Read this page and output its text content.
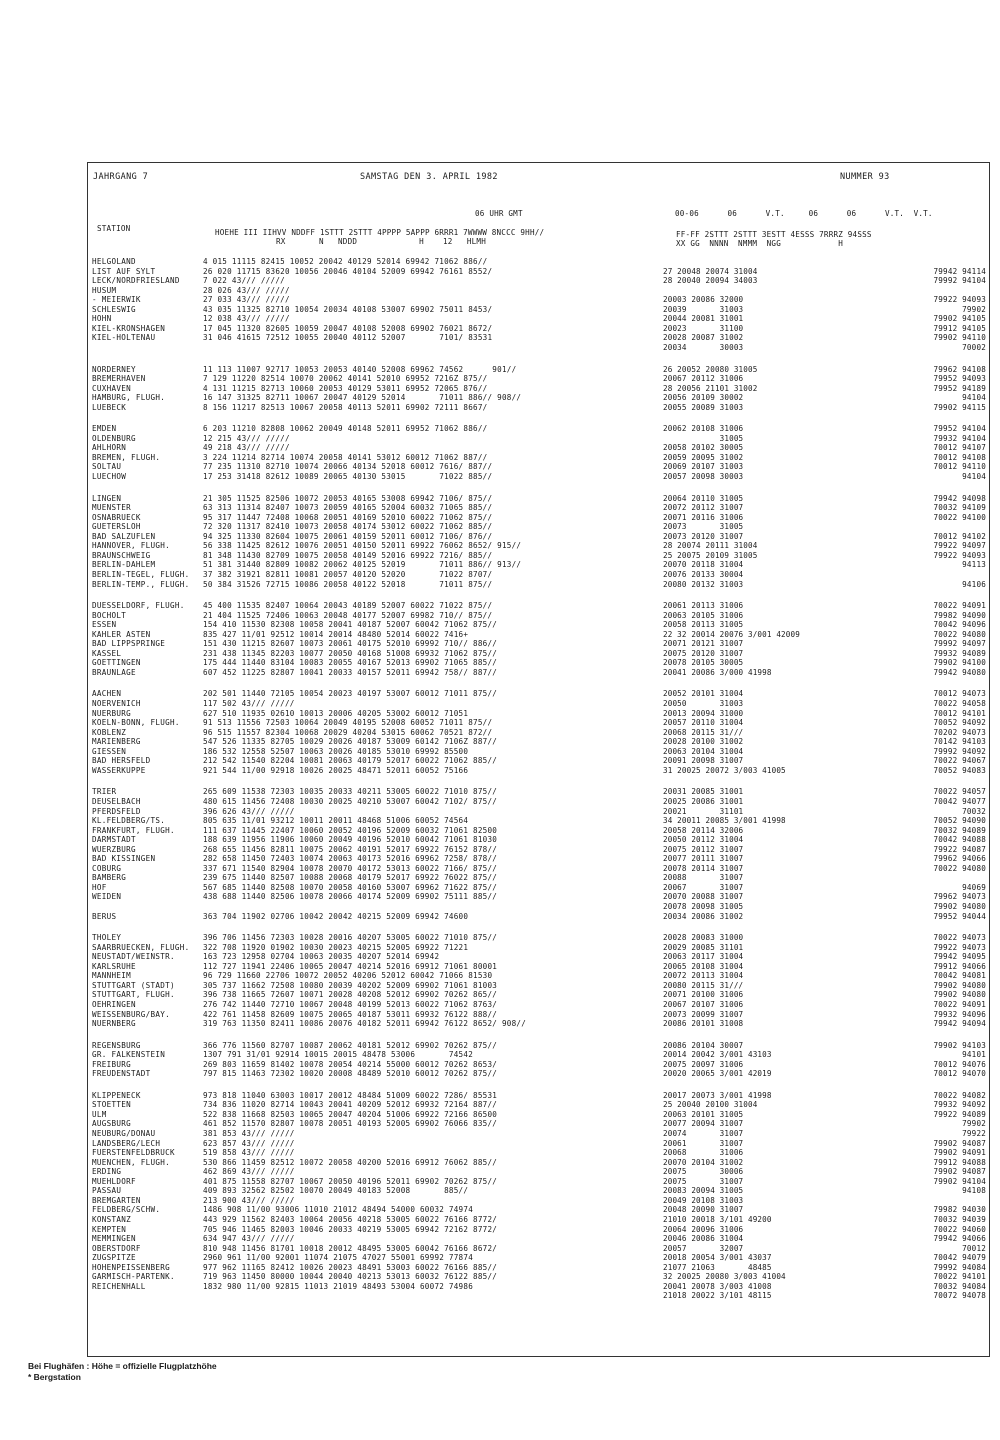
JAHRGANG 7	SAMSTAG DEN 3. APRIL 1982	NUMMER 93
06 UHR GMT	00-06      06      V.T.     06      06      V.T.  V.T.
STATION	HOEHE III IIHVV NDDFF 1STTT 2STTT 4PPPP 5APPP 6RRR1 7WWWW 8NCCC 9HH//
RX       N   NDDD             H    12   HLMH
FF-FF 2STTT 2STTT 3ESTT 4ESSS 7RRRZ 94SSS
XX GG  NNNN  NMMM  NGG            H
HELGOLAND	4 015 11115 82415 10052 20042 40129 52014 69942 71062 886//
LIST AUF SYLT	26 020 11715 83620 10056 20046 40104 52009 69942 76161 8552/	27 20048 20074 31004	79942 94114
LECK/NORDFRIESLAND	7 022 43/// /////	28 20040 20094 34003	79992 94104
HUSUM	28 026 43/// /////
- MEIERWIK	27 033 43/// /////	20003 20086 32000	79922 94093
SCHLESWIG	43 035 11325 82710 10054 20034 40108 53007 69902 75011 8453/	20039       31003	79902
HOHN	12 038 43/// /////	20044 20081 31001	79902 94105
KIEL-KRONSHAGEN	17 045 11320 82605 10059 20047 40108 52008 69902 76021 8672/	20023       31100	79912 94105
KIEL-HOLTENAU	31 046 41615 72512 10055 20040 40112 52007       7101/ 83531	20028 20087 31002	79902 94110
20034       30003	70002
NORDERNEY	11 113 11007 92717 10053 20053 40140 52008 69962 74562      901//	26 20052 20080 31005	79962 94108
BREMERHAVEN	7 129 11220 82514 10070 20062 40141 52010 69952 7216Z 875//	20067 20112 31006	79952 94093
CUXHAVEN	4 131 11215 82713 10060 20053 40129 53011 69952 72065 876//	28 20056 21101 31002	79952 94189
HAMBURG, FLUGH.	16 147 31325 82711 10067 20047 40129 52014       71011 886// 908//	20056 20109 30002	94104
LUEBECK	8 156 11217 82513 10067 20058 40113 52011 69902 72111 8667/	20055 20089 31003	79902 94115
EMDEN	6 203 11210 82808 10062 20049 40148 52011 69952 71062 886//	20062 20108 31006	79952 94104
OLDENBURG	12 215 43/// /////	31005	79932 94104
AHLHORN	49 218 43/// /////	20058 20102 30005	70012 94107
BREMEN, FLUGH.	3 224 11214 82714 10074 20058 40141 53012 60012 71062 887//	20059 20095 31002	70012 94108
SOLTAU	77 235 11310 82710 10074 20066 40134 52018 60012 7616/ 887//	20069 20107 31003	70012 94110
LUECHOW	17 253 31418 82612 10089 20065 40130 53015       71022 885//	20057 20098 30003	94104
LINGEN	21 305 11525 82506 10072 20053 40165 53008 69942 7106/ 875//	20064 20110 31005	79942 94098
MUENSTER	63 313 11314 82407 10073 20059 40165 52004 60032 71065 885//	20072 20112 31007	70032 94109
OSNABRUECK	95 317 11447 72408 10068 20051 40169 52010 60022 71062 875//	20071 20116 31006	70022 94100
GUETERSLOH	72 320 11317 82410 10073 20058 40174 53012 60022 71062 885//	20073       31005
BAD SALZUFLEN	94 325 11330 82604 10075 20061 40159 52011 60012 7106/ 876//	20073 20120 31007	70012 94102
HANNOVER, FLUGH.	56 338 11425 82612 10076 20051 40150 52011 69922 76062 8652/ 915//	28 20074 20111 31004	79922 94097
BRAUNSCHWEIG	81 348 11430 82709 10075 20058 40149 52016 69922 7216/ 885//	25 20075 20109 31005	79922 94093
BERLIN-DAHLEM	51 381 31440 82809 10082 20062 40125 52019       71011 886// 913//	20070 20118 31004	94113
BERLIN-TEGEL, FLUGH.	37 382 31921 82811 10081 20057 40120 52020       71022 8707/	20076 20133 30004
BERLIN-TEMP., FLUGH.	50 384 31526 72715 10086 20058 40122 52018       71011 875//	20080 20132 31003	94106
DUESSELDORF, FLUGH.	45 400 11535 82407 10064 20043 40189 52007 60022 71022 875//	20061 20113 31006	70022 94091
BOCHOLT	21 404 11525 72406 10063 20048 40177 52007 69982 710// 875//	20063 20105 31006	79982 94090
ESSEN	154 410 11530 82308 10058 20041 40187 52007 60042 71062 875//	20058 20113 31005	70042 94096
KAHLER ASTEN	835 427 11/01 92512 10014 20014 48480 52014 60022 7416+	22 32 20014 20076 3/001 42009	70022 94080
BAD LIPPSPRINGE	151 430 11215 82607 10073 20061 40175 52010 69992 710// 886//	20071 20121 31007	79992 94097
KASSEL	231 438 11345 82203 10077 20050 40168 51008 69932 71062 875//	20075 20120 31007	79932 94089
GOETTINGEN	175 444 11440 83104 10083 20055 40167 52013 69902 71065 885//	20078 20105 30005	79902 94100
BRAUNLAGE	607 452 11225 82807 10041 20033 40157 52011 69942 758// 887//	20041 20086 3/000 41998	79942 94080
AACHEN	202 501 11440 72105 10054 20023 40197 53007 60012 71011 875//	20052 20101 31004	70012 94073
NOERVENICH	117 502 43/// /////	20050       31003	70022 94058
NUERBURG	627 510 11935 02610 10013 20006 40205 53002 60012 71051	20013 20094 31000	70012 94101
KOELN-BONN, FLUGH.	91 513 11556 72503 10064 20049 40195 52008 60052 71011 875//	20057 20110 31004	70052 94092
KOBLENZ	96 515 11557 82304 10068 20029 40204 53015 60062 70521 872//	20068 20115 31///	70202 94073
MARIENBERG	547 526 11335 82705 10029 20026 40187 53009 60142 7106Z 887//	20028 20100 31002	70142 94103
GIESSEN	186 532 12558 52507 10063 20026 40185 53010 69992 85500	20063 20104 31004	79992 94092
BAD HERSFELD	212 542 11540 82204 10081 20063 40179 52017 60022 71062 885//	20091 20098 31007	70022 94067
WASSERKUPPE	921 544 11/00 92918 10026 20025 48471 52011 60052 75166	31 20025 20072 3/003 41005	70052 94083
TRIER	265 609 11538 72303 10035 20033 40211 53005 60022 71010 875//	20031 20085 31001	70022 94057
DEUSELBACH	480 615 11456 72408 10030 20025 40210 53007 60042 7102/ 875//	20025 20086 31001	70042 94077
PFERDSFELD	396 626 43/// /////	20021       31101	70032
KL.FELDBERG/TS.	805 635 11/01 93212 10011 20011 48468 51006 60052 74564	34 20011 20085 3/001 41998	70052 94090
FRANKFURT, FLUGH.	111 637 11445 22407 10060 20052 40196 52009 60032 71061 82500	20058 20114 32006	70032 94089
DARMSTADT	188 639 11956 11906 10060 20049 40196 52010 60042 71061 81030	20050 20112 31004	70042 94088
WUERZBURG	268 655 11456 82811 10075 20062 40191 52017 69922 76152 878//	20075 20112 31007	79922 94087
BAD KISSINGEN	282 658 11450 72403 10074 20063 40173 52016 69962 7258/ 878//	20077 20111 31007	79962 94066
COBURG	337 671 11540 82904 10078 20070 40172 53013 60022 7166/ 875//	20078 20114 31007	70022 94080
BAMBERG	239 675 11440 82507 10088 20068 40179 52017 69922 76022 875//	20088       31007
HOF	567 685 11440 82508 10070 20058 40160 53007 69962 71622 875//	20067       31007	94069
WEIDEN	438 688 11440 82506 10078 20066 40174 52009 69902 75111 885//	20070 20088 31007	79962 94073
20078 20098 31005	79902 94080
BERUS	363 704 11902 02706 10042 20042 40215 52009 69942 74600	20034 20086 31002	79952 94044
THOLEY	396 706 11456 72303 10028 20016 40207 53005 60022 71010 875//	20028 20083 31000	70022 94073
SAARBRUECKEN, FLUGH.	322 708 11920 01902 10030 20023 40215 52005 69922 71221	20029 20085 31101	79922 94073
NEUSTADT/WEINSTR.	163 723 12958 02704 10063 20035 40207 52014 69942	20063 20117 31004	79942 94095
KARLSRUHE	112 727 11941 22406 10065 20047 40214 52016 69912 71061 80001	20065 20108 31004	79912 94066
MANNHEIM	96 729 11660 22706 10072 20052 40206 52012 60042 71066 81530	20072 20113 31004	70042 94081
STUTTGART (STADT)	305 737 11662 72508 10080 20039 40202 52009 69902 71061 81003	20080 20115 31///	79902 94080
STUTTGART, FLUGH.	396 738 11665 72607 10071 20028 40208 52012 69902 70262 865//	20071 20100 31006	79902 94080
OEHRINGEN	276 742 11440 72710 10067 20048 40199 52013 60022 71062 8763/	20067 20107 31006	70022 94091
WEISSENBURG/BAY.	422 761 11458 82609 10075 20065 40187 53011 69932 76122 888//	20073 20099 31007	79932 94096
NUERNBERG	319 763 11350 82411 10086 20076 40182 52011 69942 76122 8652/ 908//	20086 20101 31008	79942 94094
REGENSBURG	366 776 11560 82707 10087 20062 40181 52012 69902 70262 875//	20086 20104 30007	79902 94103
GR. FALKENSTEIN	1307 791 31/01 92914 10015 20015 48478 53006       74542	20014 20042 3/001 43103	94101
FREIBURG	269 803 11659 81402 10078 20054 40214 55000 60012 70262 8653/	20075 20097 31006	70012 94076
FREUDENSTADT	797 815 11463 72302 10020 20008 48489 52010 60012 70262 875//	20020 20065 3/001 42019	70012 94070
KLIPPENECK	973 818 11040 63003 10017 20012 48484 51009 60022 7286/ 85531	20017 20073 3/001 41998	70022 94082
STOETTEN	734 836 11020 82714 10043 20041 40209 52012 69932 72164 887//	25 20040 20100 31004	79932 94092
ULM	522 838 11668 82503 10065 20047 40204 51006 69922 72166 86500	20063 20101 31005	79922 94089
AUGSBURG	461 852 11570 82807 10078 20051 40193 52005 69902 76066 835//	20077 20094 31007	79902
NEUBURG/DONAU	381 853 43/// /////	20074       31007	79922
LANDSBERG/LECH	623 857 43/// /////	20061       31007	79902 94087
FUERSTENFELDBRUCK	519 858 43/// /////	20068       31006	79902 94091
MUENCHEN, FLUGH.	530 866 11459 82512 10072 20058 40200 52016 69912 76062 885//	20070 20104 31002	79912 94088
ERDING	462 869 43/// /////	20075       30006	79902 94087
MUEHLDORF	401 875 11558 82707 10067 20050 40196 52011 69902 70262 875//	20075       31007	79902 94104
PASSAU	409 893 32562 82502 10070 20049 40183 52008       885//	20083 20094 31005	94108
BREMGARTEN	213 900 43/// /////	20049 20108 31003
FELDBERG/SCHW.	1486 908 11/00 93006 11010 21012 48494 54000 60032 74974	20048 20090 31007	79982 94030
KONSTANZ	443 929 11562 82403 10064 20056 40218 53005 60022 76166 8772/	21010 20018 3/101 49200	70032 94039
KEMPTEN	705 946 11465 82003 10046 20033 40219 53005 69942 72162 8772/	20064 20096 31006	70022 94060
MEMMINGEN	634 947 43/// /////	20046 20086 31004	79942 94066
OBERSTDORF	810 948 11456 81701 10018 20012 48495 53005 60042 76166 8672/	20057       32007	70012
ZUGSPITZE	2960 961 11/00 92001 11074 21075 47027 55001 69992 77874	20018 20054 3/001 43037	70042 94079
HOHENPEISSENBERG	977 962 11165 82412 10026 20023 48491 53003 60022 76166 885//	21077 21063       48485	79992 94084
GARMISCH-PARTENK.	719 963 11450 80000 10044 20040 40213 53013 60032 76122 885//	32 20025 20080 3/003 41004	70022 94101
REICHENHALL	1832 980 11/00 92815 11013 21019 48493 53004 60072 74986	20041 20078 3/003 41008	70032 94084
21018 20022 3/101 48115	70072 94078
Bei Flughäfen : Höhe = offizielle Flugplatzhöhe
* Bergstation
